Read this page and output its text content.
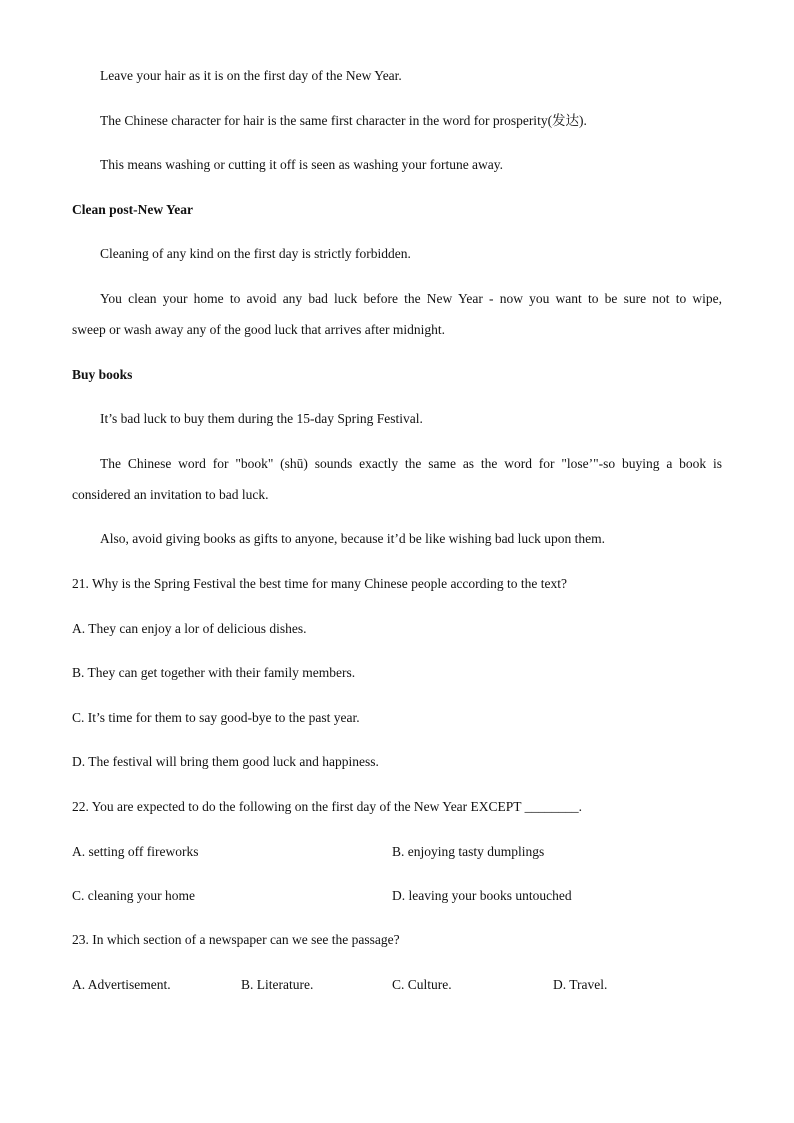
Leave your hair as it is on the first day of the New Year.
The Chinese character for hair is the same first character in the word for prosperity(发达).
This means washing or cutting it off is seen as washing your fortune away.
Clean post-New Year
Cleaning of any kind on the first day is strictly forbidden.
You clean your home to avoid any bad luck before the New Year - now you want to be sure not to wipe,
sweep or wash away any of the good luck that arrives after midnight.
Buy books
It’s bad luck to buy them during the 15-day Spring Festival.
The Chinese word for "book" (shū) sounds exactly the same as the word for "lose’"-so buying a book is
considered an invitation to bad luck.
Also, avoid giving books as gifts to anyone, because it’d be like wishing bad luck upon them.
21. Why is the Spring Festival the best time for many Chinese people according to the text?
A. They can enjoy a lor of delicious dishes.
B. They can get together with their family members.
C. It’s time for them to say good-bye to the past year.
D. The festival will bring them good luck and happiness.
22. You are expected to do the following on the first day of the New Year EXCEPT ________.
A. setting off fireworks	B. enjoying tasty dumplings
C. cleaning your home	D. leaving your books untouched
23. In which section of a newspaper can we see the passage?
A. Advertisement.	B. Literature.	C. Culture.	D. Travel.
